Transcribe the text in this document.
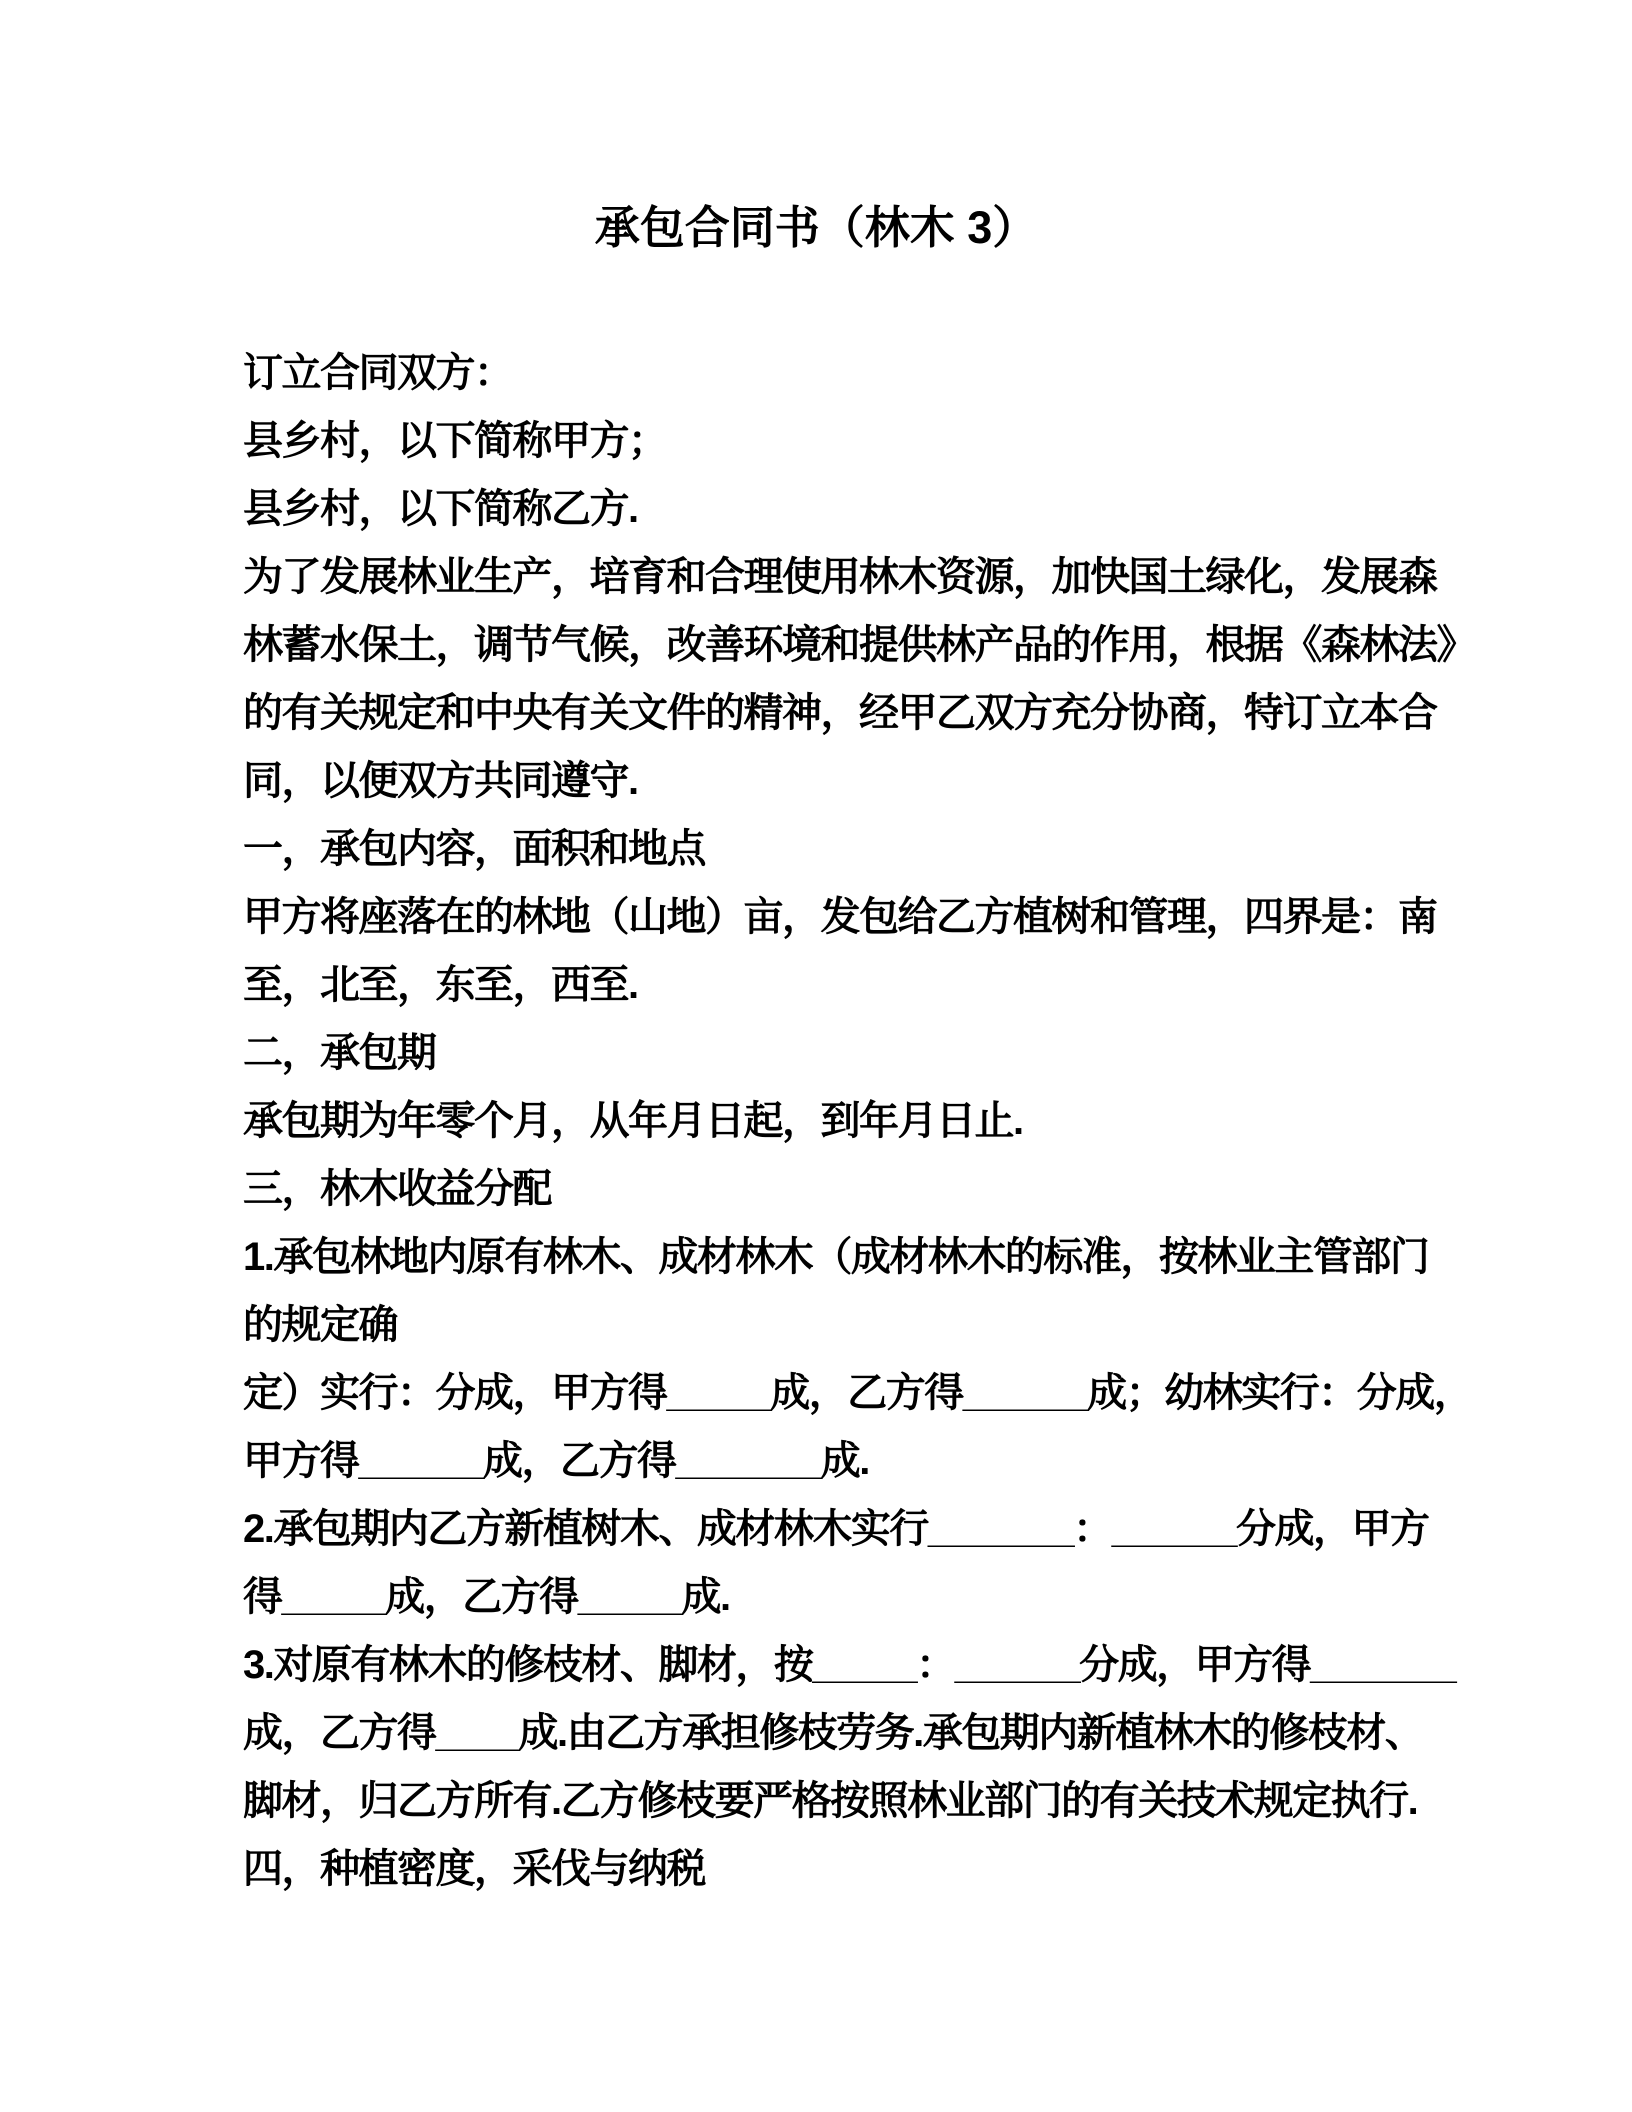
承包合同书（林木 3）
订立合同双方：
县乡村，以下简称甲方；
县乡村，以下简称乙方.
为了发展林业生产，培育和合理使用林木资源，加快国土绿化，发展森
林蓄水保土，调节气候，改善环境和提供林产品的作用，根据《森林法》
的有关规定和中央有关文件的精神，经甲乙双方充分协商，特订立本合
同，以便双方共同遵守.
一，承包内容，面积和地点
甲方将座落在的林地（山地）亩，发包给乙方植树和管理，四界是：南
至，北至，东至，西至.
二，承包期
承包期为年零个月，从年月日起，到年月日止.
三，林木收益分配
1.承包林地内原有林木、成材林木（成材林木的标准，按林业主管部门
的规定确
定）实行：分成，甲方得_____成，乙方得______成；幼林实行：分成，
甲方得______成，乙方得_______成.
2.承包期内乙方新植树木、成材林木实行_______：______分成，甲方
得_____成，乙方得_____成.
3.对原有林木的修枝材、脚材，按_____：______分成，甲方得_______
成，乙方得____成.由乙方承担修枝劳务.承包期内新植林木的修枝材、
脚材，归乙方所有.乙方修枝要严格按照林业部门的有关技术规定执行.
四，种植密度，采伐与纳税
